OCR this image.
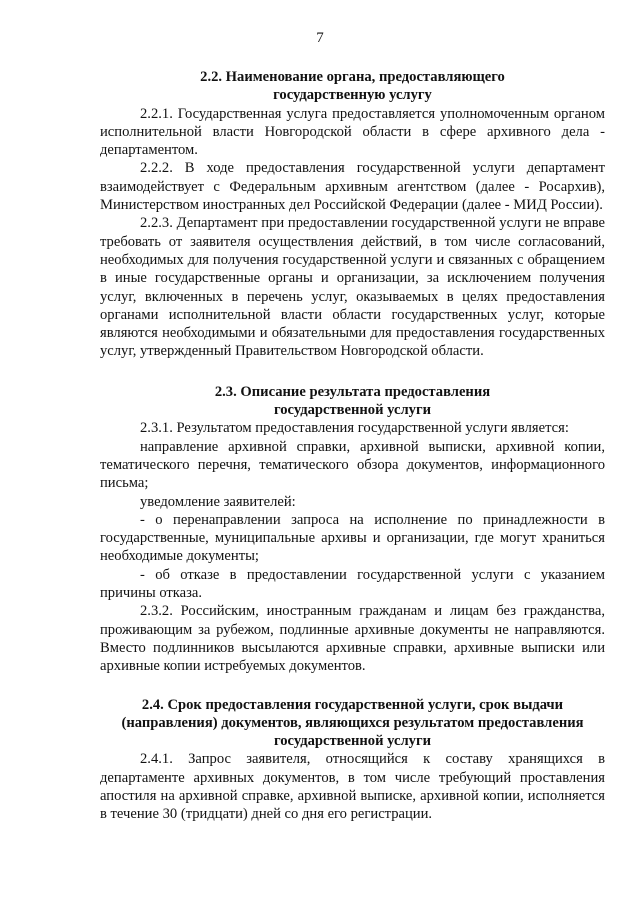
7
2.2. Наименование органа, предоставляющего
государственную услугу

2.2.1. Государственная услуга предоставляется уполномоченным органом исполнительной власти Новгородской области в сфере архивного дела - департаментом.

2.2.2. В ходе предоставления государственной услуги департамент взаимодействует с Федеральным архивным агентством (далее - Росархив), Министерством иностранных дел Российской Федерации (далее - МИД России).

2.2.3. Департамент при предоставлении государственной услуги не вправе требовать от заявителя осуществления действий, в том числе согласований, необходимых для получения государственной услуги и связанных с обращением в иные государственные органы и организации, за исключением получения услуг, включенных в перечень услуг, оказываемых в целях предоставления органами исполнительной власти области государственных услуг, которые являются необходимыми и обязательными для предоставления государственных услуг, утвержденный Правительством Новгородской области.

2.3. Описание результата предоставления
государственной услуги

2.3.1. Результатом предоставления государственной услуги является:

направление архивной справки, архивной выписки, архивной копии, тематического перечня, тематического обзора документов, информационного письма;

уведомление заявителей:

- о перенаправлении запроса на исполнение по принадлежности в государственные, муниципальные архивы и организации, где могут храниться необходимые документы;

- об отказе в предоставлении государственной услуги с указанием причины отказа.

2.3.2. Российским, иностранным гражданам и лицам без гражданства, проживающим за рубежом, подлинные архивные документы не направляются. Вместо подлинников высылаются архивные справки, архивные выписки или архивные копии истребуемых документов.

2.4. Срок предоставления государственной услуги, срок выдачи
(направления) документов, являющихся результатом предоставления
государственной услуги

2.4.1. Запрос заявителя, относящийся к составу хранящихся в департаменте архивных документов, в том числе требующий проставления апостиля на архивной справке, архивной выписке, архивной копии, исполняется в течение 30 (тридцати) дней со дня его регистрации.
